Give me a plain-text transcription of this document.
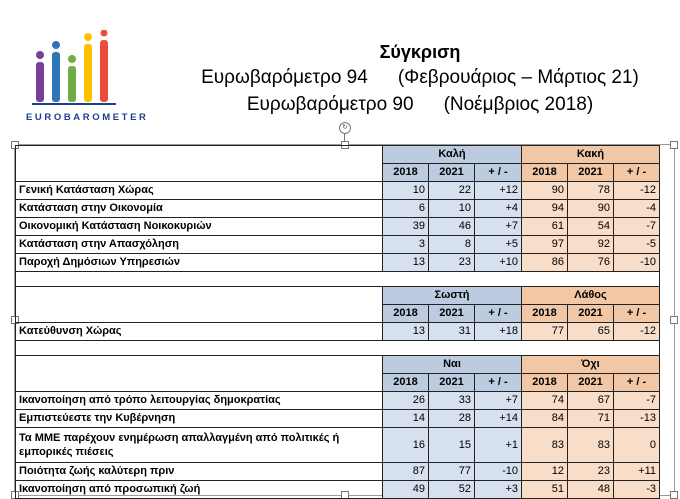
EUROBAROMETER
Σύγκριση
Ευρωβαρόμετρο 94 (Φεβρουάριος – Μάρτιος 21)
Ευρωβαρόμετρο 90 (Νοέμβριος 2018)
↻
	Καλή			Κακή		
	2018	2021	+ / -	2018	2021	+ / -
Γενική Κατάσταση Χώρας	10	22	+12	90	78	-12
Κατάσταση στην Οικονομία	6	10	+4	94	90	-4
Οικονομική Κατάσταση Νοικοκυριών	39	46	+7	61	54	-7
Κατάσταση στην Απασχόληση	3	8	+5	97	92	-5
Παροχή Δημόσιων Υπηρεσιών	13	23	+10	86	76	-10

	Σωστή			Λάθος		
	2018	2021	+ / -	2018	2021	+ / -
Κατεύθυνση Χώρας	13	31	+18	77	65	-12

	Ναι			Όχι		
	2018	2021	+ / -	2018	2021	+ / -
Ικανοποίηση από τρόπο λειτουργίας δημοκρατίας	26	33	+7	74	67	-7
Εμπιστεύεστε την Κυβέρνηση	14	28	+14	84	71	-13
Τα ΜΜΕ παρέχουν ενημέρωση απαλλαγμένη από πολιτικές ή εμπορικές πιέσεις	16	15	+1	83	83	0
Ποιότητα ζωής καλύτερη πριν	87	77	-10	12	23	+11
Ικανοποίηση από προσωπική ζωή	49	52	+3	51	48	-3
